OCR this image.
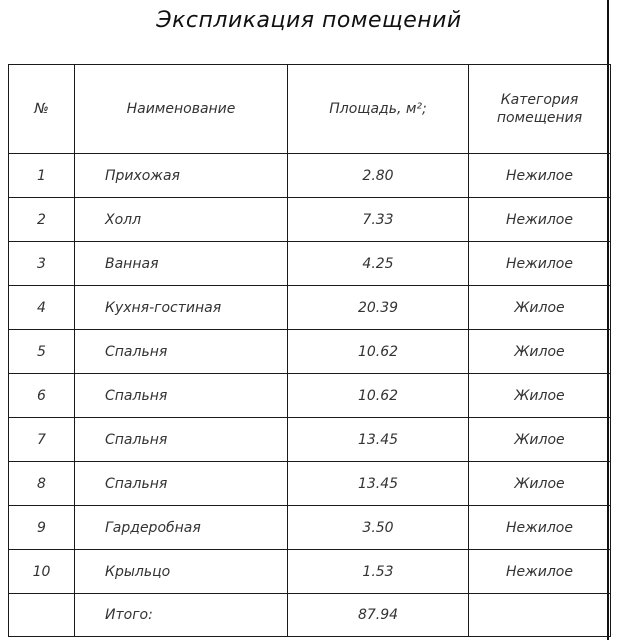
Экспликация помещений
№	Наименование	Площадь, м²;	Категория помещения
1	Прихожая	2.80	Нежилое
2	Холл	7.33	Нежилое
3	Ванная	4.25	Нежилое
4	Кухня-гостиная	20.39	Жилое
5	Спальня	10.62	Жилое
6	Спальня	10.62	Жилое
7	Спальня	13.45	Жилое
8	Спальня	13.45	Жилое
9	Гардеробная	3.50	Нежилое
10	Крыльцо	1.53	Нежилое
	Итого:	87.94	
